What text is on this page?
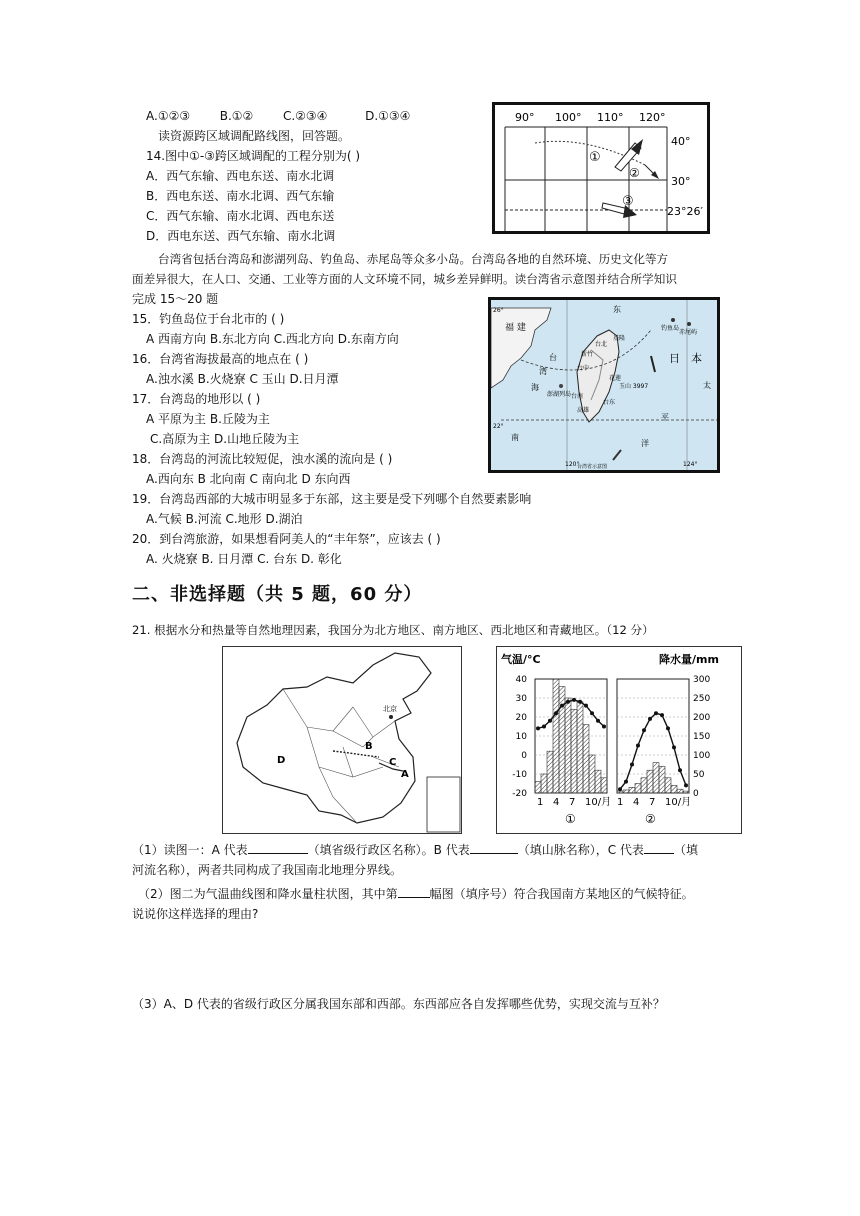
A.①②③ B.①② C.②③④	D.①③④
读资源跨区域调配路线图，回答题。
14.图中①-③跨区域调配的工程分别为( )
A．西气东输、西电东送、南水北调
B．西电东送、南水北调、西气东输
C．西气东输、南水北调、西电东送
D．西电东送、西气东输、南水北调
90° 100° 110° 120°
40°
30°
23°26′
①
②
③
台湾省包括台湾岛和澎湖列岛、钓鱼岛、赤尾岛等众多小岛。台湾岛各地的自然环境、历史文化等方
面差异很大，在人口、交通、工业等方面的人文环境不同，城乡差异鲜明。读台湾省示意图并结合所学知识
完成 15～20 题
26°
22°
120°	124°
福 建
台北
基隆
新竹
台中
台南
高雄
花莲
台东
钓鱼岛
赤尾屿
日 本
澎湖列岛
玉山 3997
台
海
湾
东
南
太
平
洋
台湾省示意图
15．钓鱼岛位于台北市的 ( )
A 西南方向 B.东北方向 C.西北方向 D.东南方向
16．台湾省海拔最高的地点在 ( )
A.浊水溪 B.火烧寮 C 玉山 D.日月潭
17．台湾岛的地形以 ( )
A 平原为主 B.丘陵为主
C.高原为主 D.山地丘陵为主
18．台湾岛的河流比较短促，浊水溪的流向是 ( )
A.西向东 B 北向南 C 南向北 D 东向西
19．台湾岛西部的大城市明显多于东部，这主要是受下列哪个自然要素影响
A.气候 B.河流 C.地形 D.湖泊
20．到台湾旅游，如果想看阿美人的“丰年祭”，应该去 ( )
A. 火烧寮 B. 日月潭 C. 台东 D. 彰化
二、非选择题（共 5 题，60 分）
21. 根据水分和热量等自然地理因素，我国分为北方地区、南方地区、西北地区和青藏地区。（12 分）
北京
B
C
A
D
气温/°C	降水量/mm
40
30
20
10
0
-10
-20
300
250
200
150
100
50
0
1 4 7 10/月 1 4 7 10/月
①	②
（1）读图一：A 代表	（填省级行政区名称）。B 代表	（填山脉名称），C 代表	（填
河流名称），两者共同构成了我国南北地理分界线。
（2）图二为气温曲线图和降水量柱状图，其中第	幅图（填序号）符合我国南方某地区的气候特征。
说说你这样选择的理由?
（3）A、D 代表的省级行政区分属我国东部和西部。东西部应各自发挥哪些优势，实现交流与互补？
